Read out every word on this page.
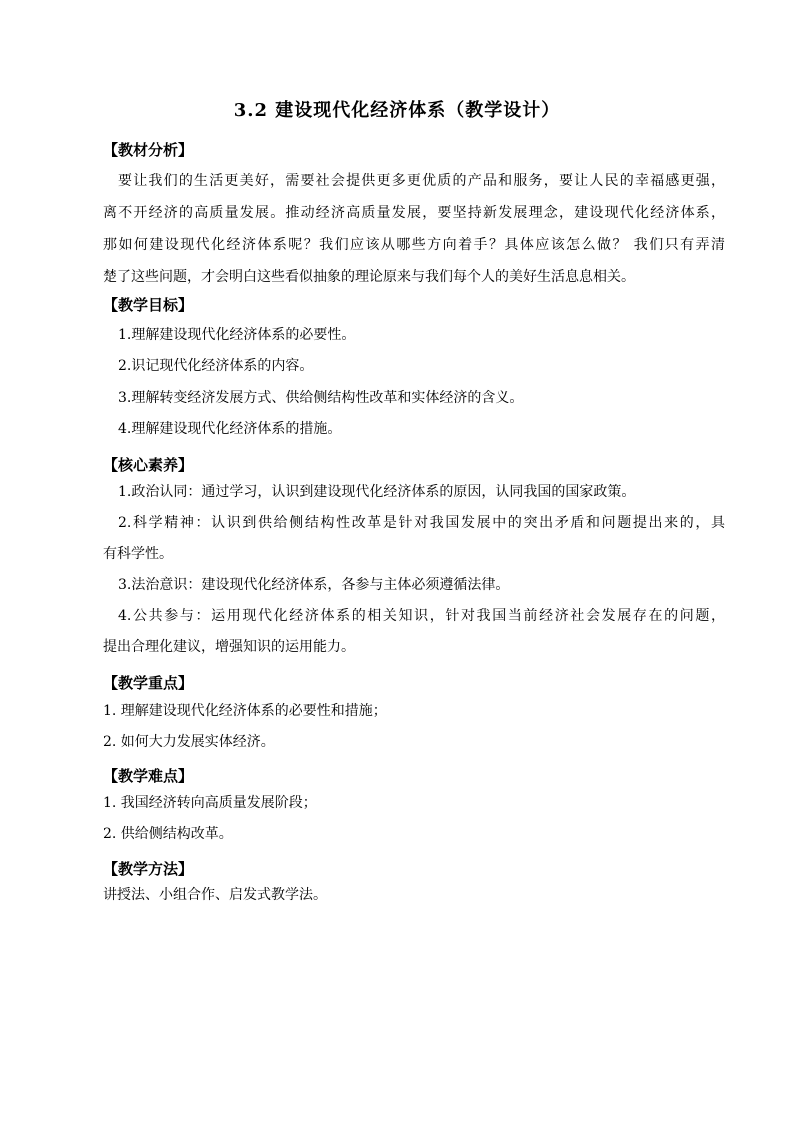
3.2 建设现代化经济体系（教学设计）
【教材分析】
要让我们的生活更美好，需要社会提供更多更优质的产品和服务，要让人民的幸福感更强，
离不开经济的高质量发展。推动经济高质量发展，要坚持新发展理念，建设现代化经济体系，
那如何建设现代化经济体系呢？我们应该从哪些方向着手？具体应该怎么做？ 我们只有弄清
楚了这些问题，才会明白这些看似抽象的理论原来与我们每个人的美好生活息息相关。
【教学目标】
1.理解建设现代化经济体系的必要性。
2.识记现代化经济体系的内容。
3.理解转变经济发展方式、供给侧结构性改革和实体经济的含义。
4.理解建设现代化经济体系的措施。
【核心素养】
1.政治认同：通过学习，认识到建设现代化经济体系的原因，认同我国的国家政策。
2.科学精神：认识到供给侧结构性改革是针对我国发展中的突出矛盾和问题提出来的，具
有科学性。
3.法治意识：建设现代化经济体系，各参与主体必须遵循法律。
4.公共参与：运用现代化经济体系的相关知识，针对我国当前经济社会发展存在的问题，
提出合理化建议，增强知识的运用能力。
【教学重点】
1. 理解建设现代化经济体系的必要性和措施；
2. 如何大力发展实体经济。
【教学难点】
1. 我国经济转向高质量发展阶段；
2. 供给侧结构改革。
【教学方法】
讲授法、小组合作、启发式教学法。
